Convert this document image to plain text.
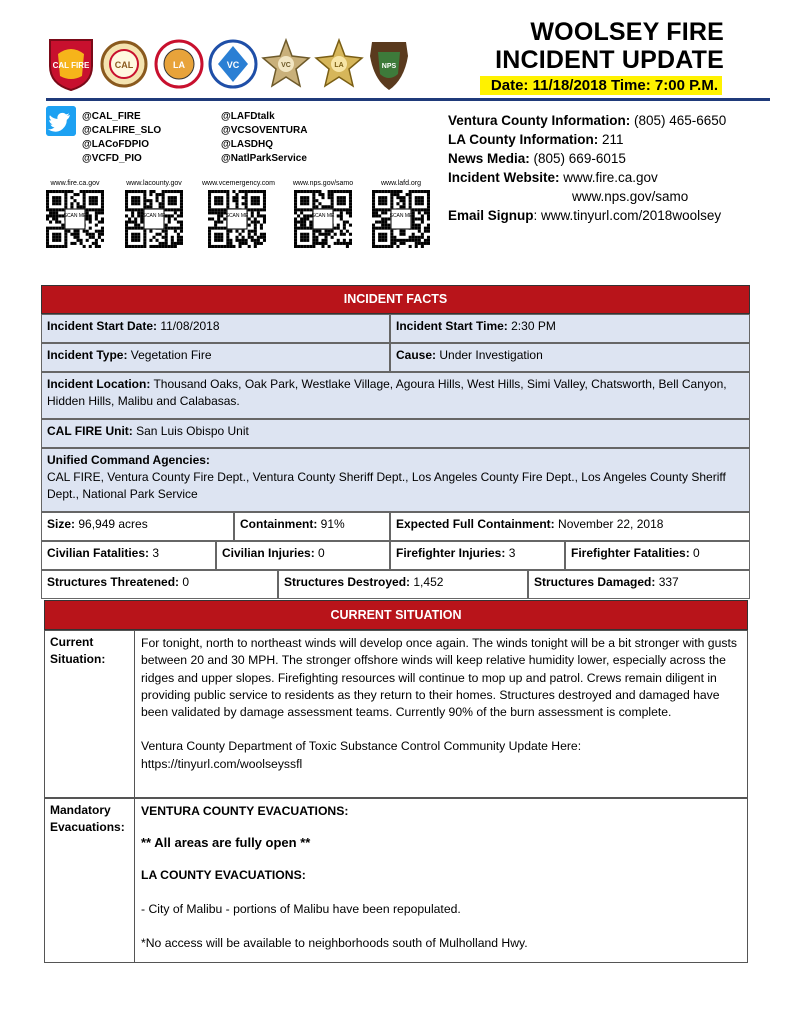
CAL FIRE	CAL	LA	VC	VC	LA	NPS
WOOLSEY FIRE
INCIDENT UPDATE
Date: 11/18/2018 Time: 7:00 P.M.
@CAL_FIRE
@CALFIRE_SLO
@LACoFDPIO
@VCFD_PIO
@LAFDtalk
@VCSOVENTURA
@LASDHQ
@NatlParkService
www.fire.ca.gov	www.lacounty.gov	www.vcemergency.com	www.nps.gov/samo	www.lafd.org
SCAN ME	SCAN ME	SCAN ME	SCAN ME	SCAN ME
Ventura County Information: (805) 465-6650
LA County Information: 211
News Media: (805) 669-6015
Incident Website: www.fire.ca.gov
www.nps.gov/samo
Email Signup: www.tinyurl.com/2018woolsey
INCIDENT FACTS
Incident Start Date: 11/08/2018	Incident Start Time: 2:30 PM
Incident Type: Vegetation Fire	Cause: Under Investigation
Incident Location: Thousand Oaks, Oak Park, Westlake Village, Agoura Hills, West Hills, Simi Valley, Chatsworth, Bell Canyon, Hidden Hills, Malibu and Calabasas.
CAL FIRE Unit: San Luis Obispo Unit
Unified Command Agencies:
CAL FIRE, Ventura County Fire Dept., Ventura County Sheriff Dept., Los Angeles County Fire Dept., Los Angeles County Sheriff Dept., National Park Service
Size: 96,949 acres	Containment: 91%	Expected Full Containment: November 22, 2018
Civilian Fatalities: 3	Civilian Injuries: 0	Firefighter Injuries: 3	Firefighter Fatalities: 0
Structures Threatened: 0	Structures Destroyed: 1,452	Structures Damaged: 337
CURRENT SITUATION
Current
Situation:

For tonight, north to northeast winds will develop once again. The winds tonight will be a bit stronger with gusts between 20 and 30 MPH. The stronger offshore winds will keep relative humidity lower, especially across the ridges and upper slopes. Firefighting resources will continue to mop up and patrol. Crews remain diligent in providing public service to residents as they return to their homes. Structures destroyed and damaged have been validated by damage assessment teams. Currently 90% of the burn assessment is complete.

Ventura County Department of Toxic Substance Control Community Update Here:

https://tinyurl.com/woolseyssfl

Mandatory
Evacuations:

VENTURA COUNTY EVACUATIONS:

** All areas are fully open **

LA COUNTY EVACUATIONS:

- City of Malibu - portions of Malibu have been repopulated.

*No access will be available to neighborhoods south of Mulholland Hwy.
